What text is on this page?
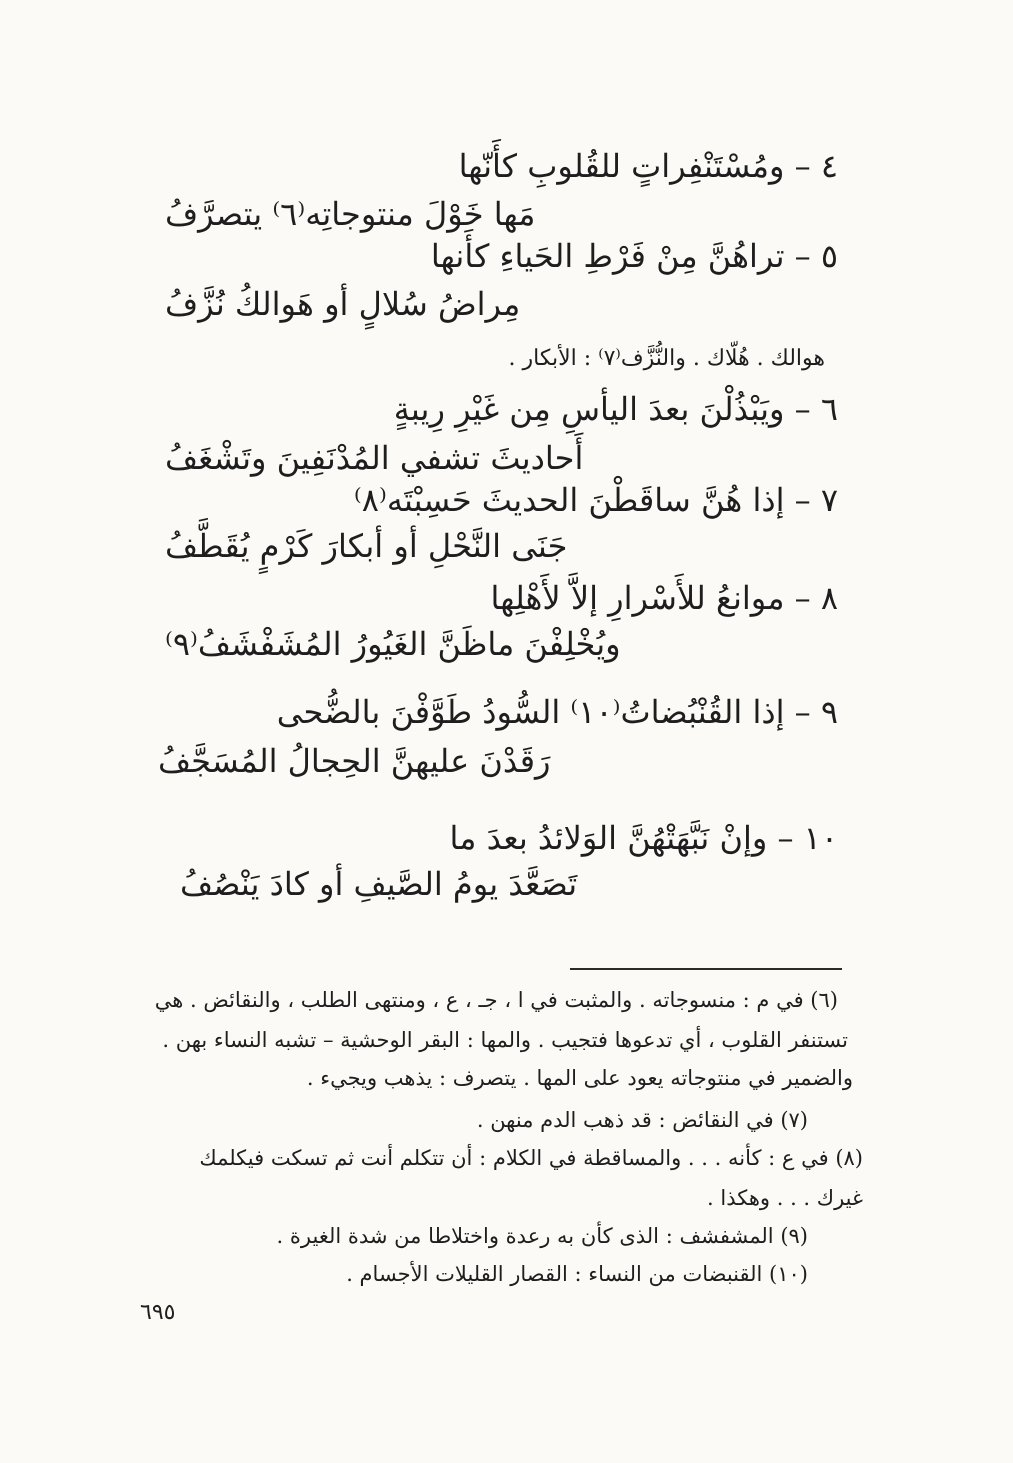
٤ – ومُسْتَنْفِراتٍ للقُلوبِ كأَنّها
مَها خَوْلَ منتوجاتِه⁽٦⁾ يتصرَّفُ
٥ – تراهُنَّ مِنْ فَرْطِ الحَياءِ كأَنها
مِراضُ سُلالٍ أو هَوالكُ نُزَّفُ
هوالك . هُلّاك . والنُّزَّف⁽٧⁾ : الأبكار .
٦ – ويَبْذُلْنَ بعدَ اليأسِ مِن غَيْرِ رِيبةٍ
أَحاديثَ تشفي المُدْنَفِينَ وتَشْغَفُ
٧ – إذا هُنَّ ساقَطْنَ الحديثَ حَسِبْتَه⁽٨⁾
جَنَى النَّحْلِ أو أبكارَ كَرْمٍ يُقَطَّفُ
٨ – موانعُ للأَسْرارِ إلاَّ لأَهْلِها
ويُخْلِفْنَ ماظَنَّ الغَيُورُ المُشَفْشَفُ⁽٩⁾
٩ – إذا القُنْبُضاتُ⁽١٠⁾ السُّودُ طَوَّفْنَ بالضُّحى
رَقَدْنَ عليهنَّ الحِجالُ المُسَجَّفُ
١٠ – وإنْ نَبَّهَتْهُنَّ الوَلائدُ بعدَ ما
تَصَعَّدَ يومُ الصَّيفِ أو كادَ يَنْصُفُ
(٦) في م : منسوجاته . والمثبت في ا ، جـ ، ع ، ومنتهى الطلب ، والنقائض . هي
تستنفر القلوب ، أي تدعوها فتجيب . والمها : البقر الوحشية – تشبه النساء بهن .
والضمير في منتوجاته يعود على المها . يتصرف : يذهب ويجيء .
(٧) في النقائض : قد ذهب الدم منهن .
(٨) في ع : كأنه . . . والمساقطة في الكلام : أن تتكلم أنت ثم تسكت فيكلمك
غيرك . . . وهكذا .
(٩) المشفشف : الذى كأن به رعدة واختلاطا من شدة الغيرة .
(١٠) القنبضات من النساء : القصار القليلات الأجسام .
٦٩٥
